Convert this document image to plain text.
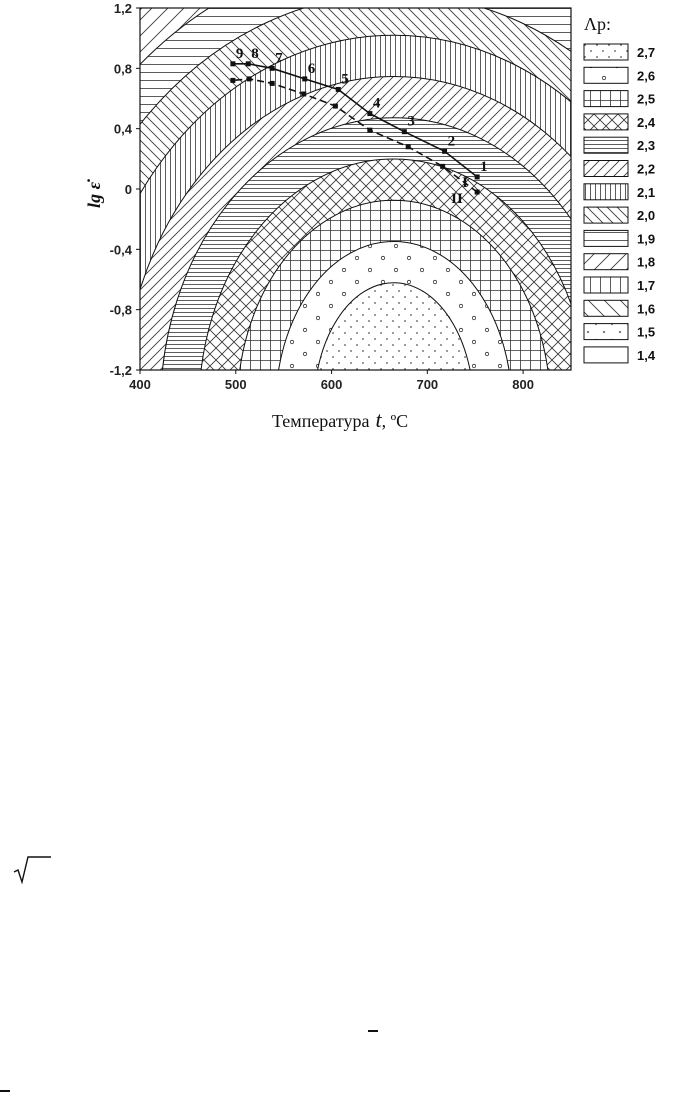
400	500	600	700	800
1,2
0,8
0,4
0
-0,4
-0,8
-1,2
1
2
3
4
5
6
7
8
9
I
II
Температура t, ºC
lg ε̇
Λp:
2,7
2,6
2,5
2,4
2,3
2,2
2,1
2,0
1,9
1,8
1,7
1,6
1,5
1,4
